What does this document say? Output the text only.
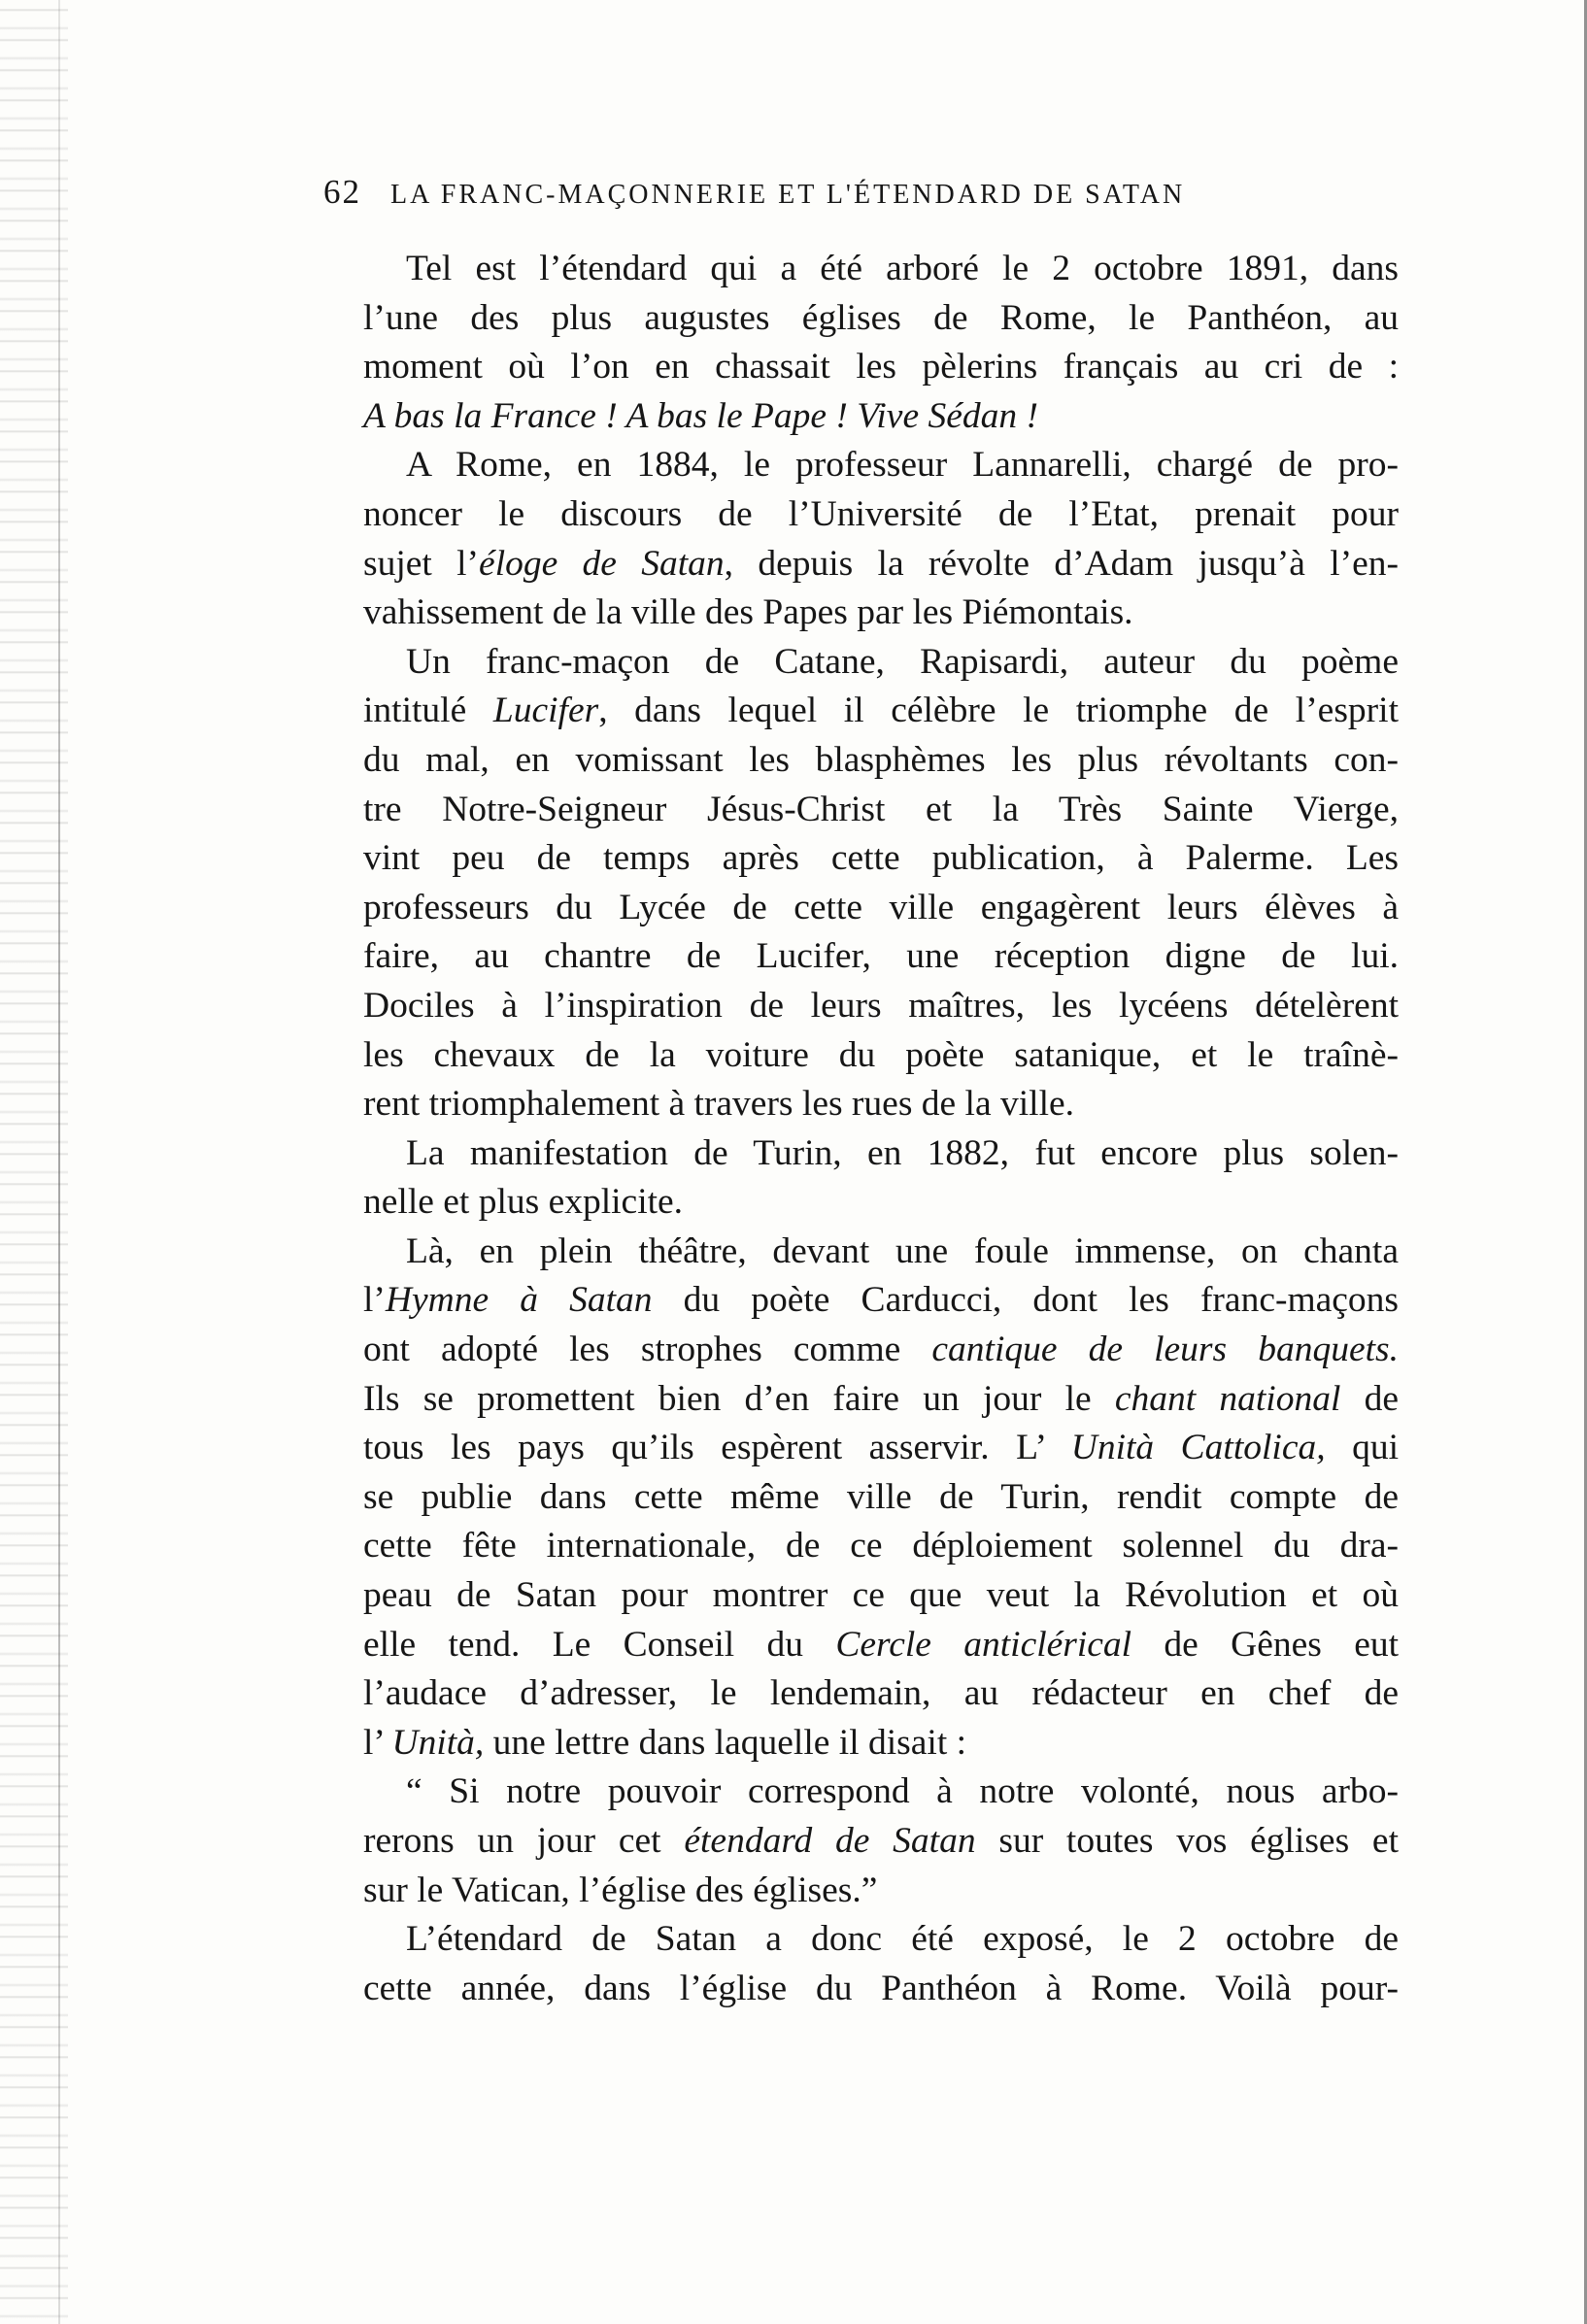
62 LA FRANC-MAÇONNERIE ET L'ÉTENDARD DE SATAN

Tel est l’étendard qui a été arboré le 2 octobre 1891, dans
l’une des plus augustes églises de Rome, le Panthéon, au
moment où l’on en chassait les pèlerins français au cri de :
A bas la France ! A bas le Pape ! Vive Sédan !

A Rome, en 1884, le professeur Lannarelli, chargé de pro-
noncer le discours de l’Université de l’Etat, prenait pour
sujet l’éloge de Satan, depuis la révolte d’Adam jusqu’à l’en-
vahissement de la ville des Papes par les Piémontais.

Un franc-maçon de Catane, Rapisardi, auteur du poème
intitulé Lucifer, dans lequel il célèbre le triomphe de l’esprit
du mal, en vomissant les blasphèmes les plus révoltants con-
tre Notre-Seigneur Jésus-Christ et la Très Sainte Vierge,
vint peu de temps après cette publication, à Palerme. Les
professeurs du Lycée de cette ville engagèrent leurs élèves à
faire, au chantre de Lucifer, une réception digne de lui.
Dociles à l’inspiration de leurs maîtres, les lycéens dételèrent
les chevaux de la voiture du poète satanique, et le traînè-
rent triomphalement à travers les rues de la ville.

La manifestation de Turin, en 1882, fut encore plus solen-
nelle et plus explicite.

Là, en plein théâtre, devant une foule immense, on chanta
l’Hymne à Satan du poète Carducci, dont les franc-maçons
ont adopté les strophes comme cantique de leurs banquets.
Ils se promettent bien d’en faire un jour le chant national de
tous les pays qu’ils espèrent asservir. L’ Unità Cattolica, qui
se publie dans cette même ville de Turin, rendit compte de
cette fête internationale, de ce déploiement solennel du dra-
peau de Satan pour montrer ce que veut la Révolution et où
elle tend. Le Conseil du Cercle anticlérical de Gênes eut
l’audace d’adresser, le lendemain, au rédacteur en chef de
l’ Unità, une lettre dans laquelle il disait :

“ Si notre pouvoir correspond à notre volonté, nous arbo-
rerons un jour cet étendard de Satan sur toutes vos églises et
sur le Vatican, l’église des églises.”

L’étendard de Satan a donc été exposé, le 2 octobre de
cette année, dans l’église du Panthéon à Rome. Voilà pour-
